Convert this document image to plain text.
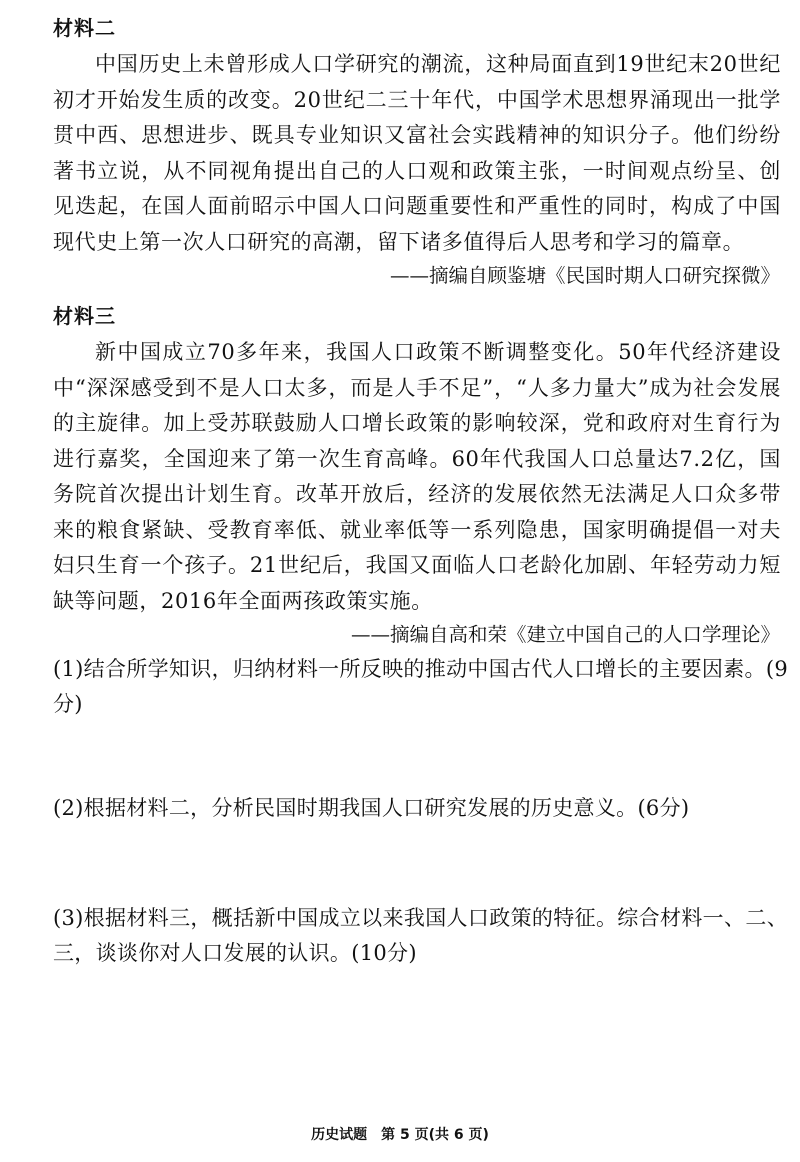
材料二
中国历史上未曾形成人口学研究的潮流，这种局面直到19世纪末20世纪初才开始发生质的改变。20世纪二三十年代，中国学术思想界涌现出一批学贯中西、思想进步、既具专业知识又富社会实践精神的知识分子。他们纷纷著书立说，从不同视角提出自己的人口观和政策主张，一时间观点纷呈、创见迭起，在国人面前昭示中国人口问题重要性和严重性的同时，构成了中国现代史上第一次人口研究的高潮，留下诸多值得后人思考和学习的篇章。
——摘编自顾鉴塘《民国时期人口研究探微》
材料三
新中国成立70多年来，我国人口政策不断调整变化。50年代经济建设中“深深感受到不是人口太多，而是人手不足”，“人多力量大”成为社会发展的主旋律。加上受苏联鼓励人口增长政策的影响较深，党和政府对生育行为进行嘉奖，全国迎来了第一次生育高峰。60年代我国人口总量达7.2亿，国务院首次提出计划生育。改革开放后，经济的发展依然无法满足人口众多带来的粮食紧缺、受教育率低、就业率低等一系列隐患，国家明确提倡一对夫妇只生育一个孩子。21世纪后，我国又面临人口老龄化加剧、年轻劳动力短缺等问题，2016年全面两孩政策实施。
——摘编自高和荣《建立中国自己的人口学理论》
(1)结合所学知识，归纳材料一所反映的推动中国古代人口增长的主要因素。(9分)
(2)根据材料二，分析民国时期我国人口研究发展的历史意义。(6分)
(3)根据材料三，概括新中国成立以来我国人口政策的特征。综合材料一、二、三，谈谈你对人口发展的认识。(10分)
历史试题 第 5 页(共 6 页)
